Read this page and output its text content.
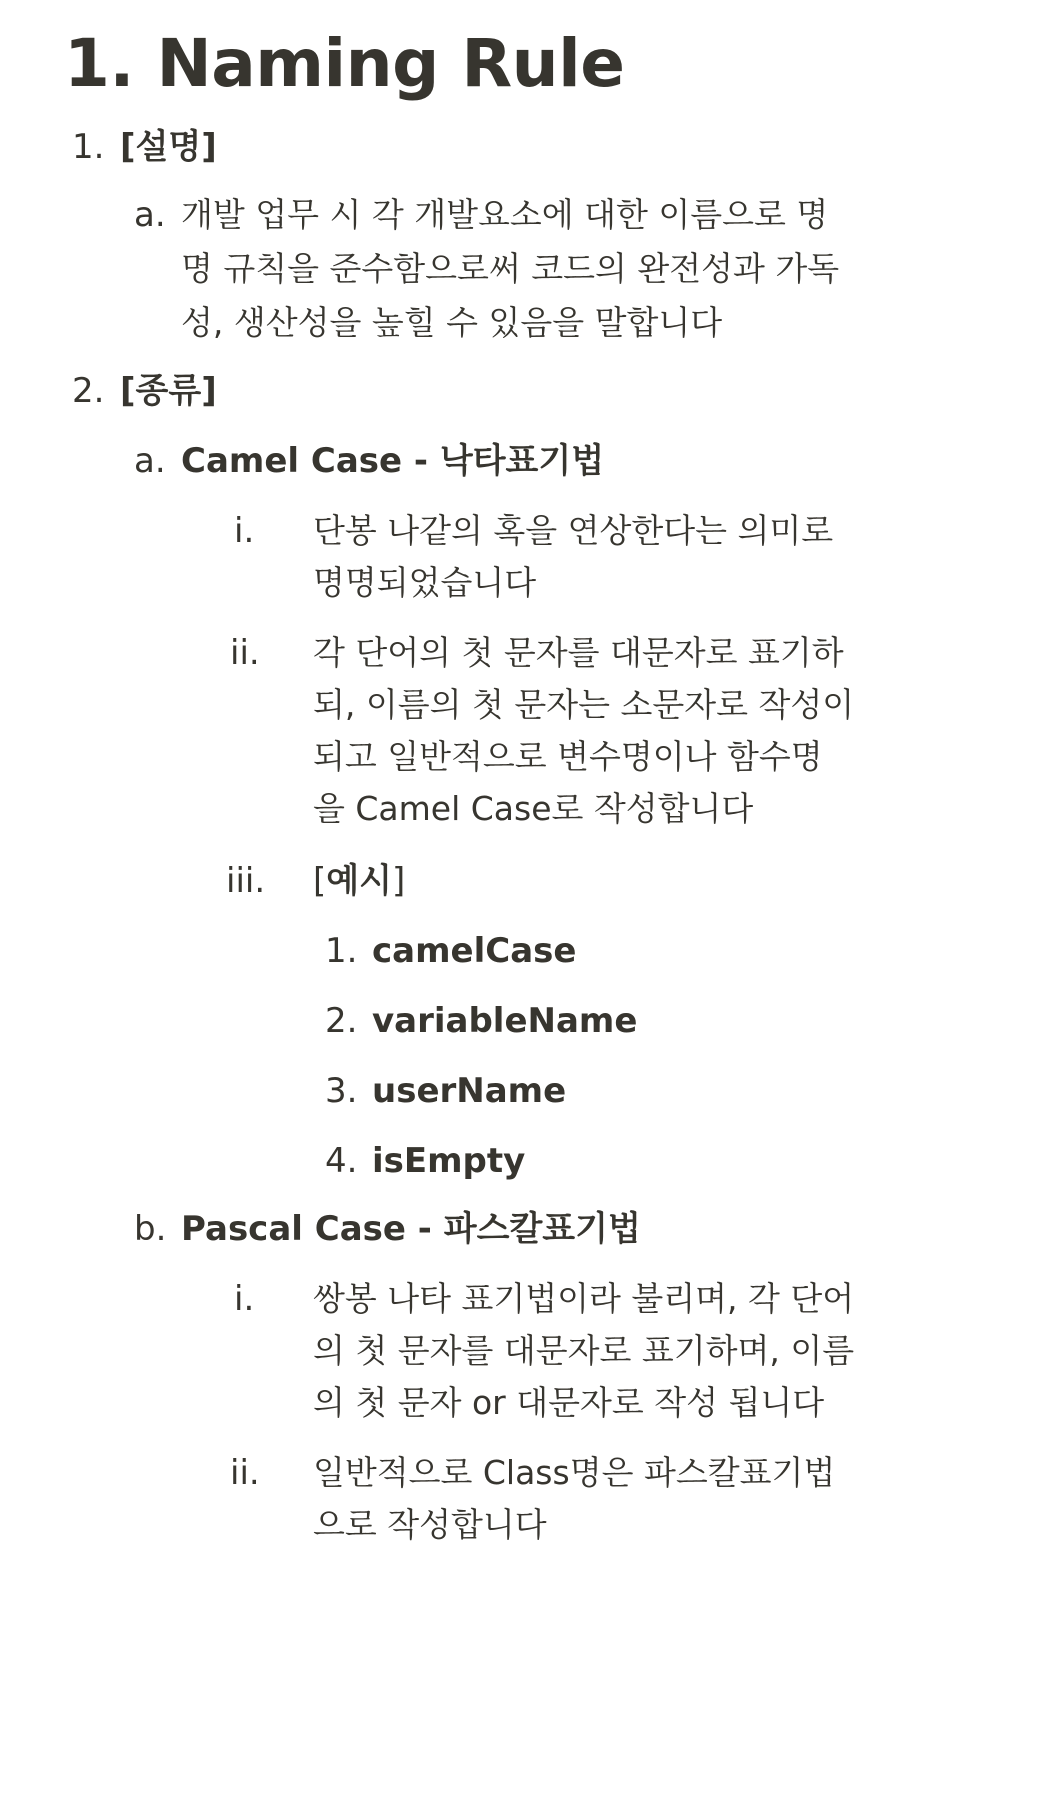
1. Naming Rule
1. [설명]
a. 개발 업무 시 각 개발요소에 대한 이름으로 명
명 규칙을 준수함으로써 코드의 완전성과 가독
성, 생산성을 높힐 수 있음을 말합니다
2. [종류]
a. Camel Case - 낙타표기법
i. 단봉 나같의 혹을 연상한다는 의미로
명명되었습니다
ii. 각 단어의 첫 문자를 대문자로 표기하
되, 이름의 첫 문자는 소문자로 작성이
되고 일반적으로 변수명이나 함수명
을 Camel Case로 작성합니다
iii. [예시]
1. camelCase
2. variableName
3. userName
4. isEmpty
b. Pascal Case - 파스칼표기법
i. 쌍봉 나타 표기법이라 불리며, 각 단어
의 첫 문자를 대문자로 표기하며, 이름
의 첫 문자 or 대문자로 작성 됩니다
ii. 일반적으로 Class명은 파스칼표기법
으로 작성합니다
